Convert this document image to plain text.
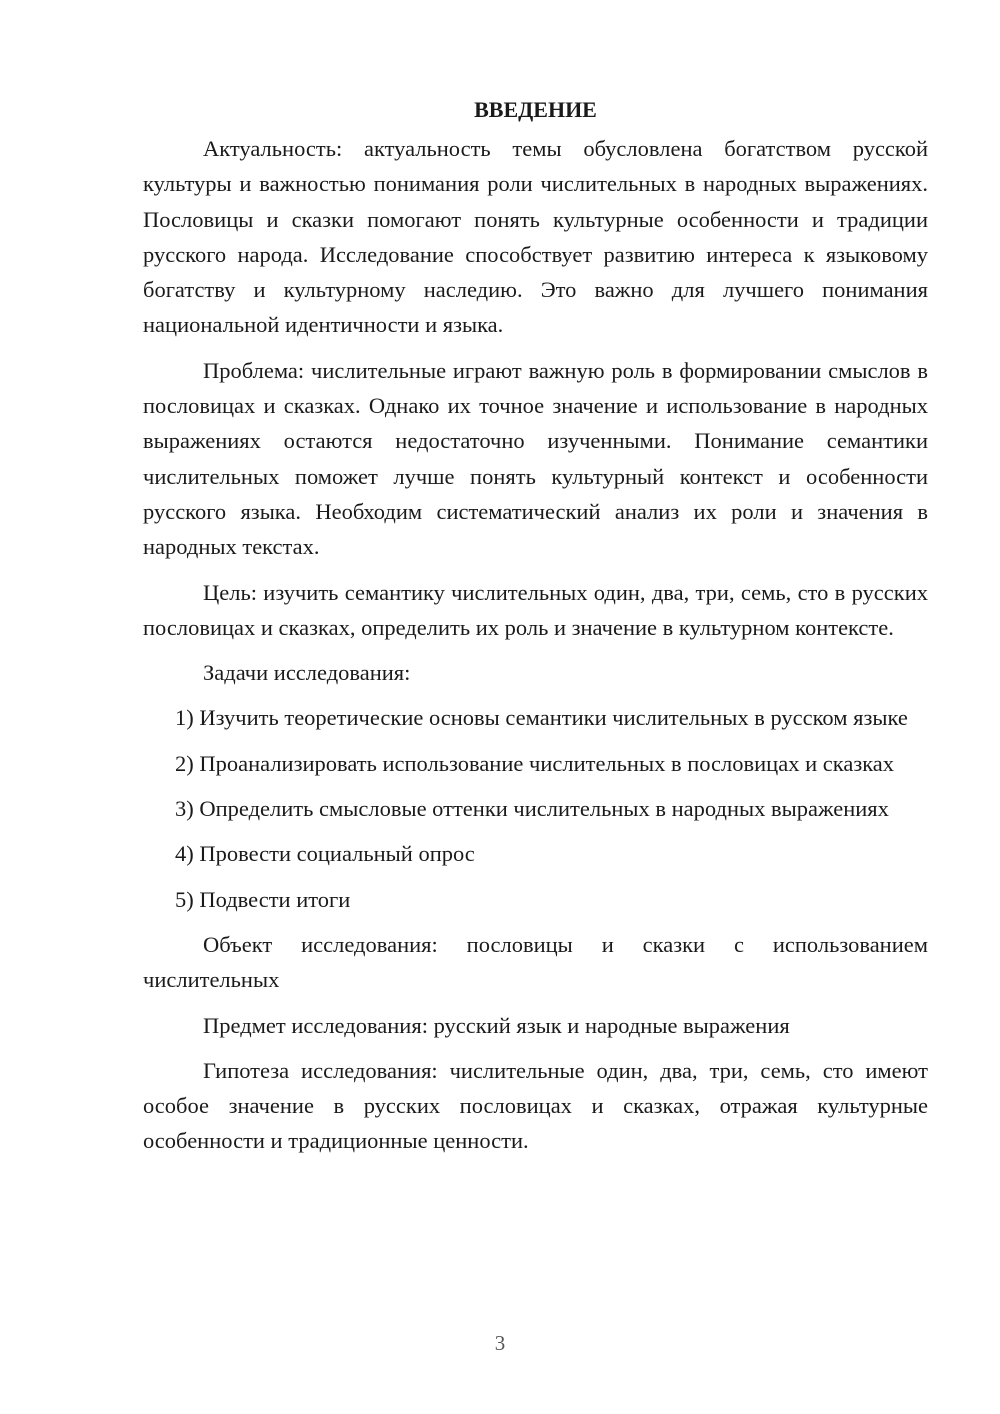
ВВЕДЕНИЕ

Актуальность: актуальность темы обусловлена богатством русской культуры и важностью понимания роли числительных в народных выражениях. Пословицы и сказки помогают понять культурные особенности и традиции русского народа. Исследование способствует развитию интереса к языковому богатству и культурному наследию. Это важно для лучшего понимания национальной идентичности и языка.

Проблема: числительные играют важную роль в формировании смыслов в пословицах и сказках. Однако их точное значение и использование в народных выражениях остаются недостаточно изученными. Понимание семантики числительных поможет лучше понять культурный контекст и особенности русского языка. Необходим систематический анализ их роли и значения в народных текстах.

Цель: изучить семантику числительных один, два, три, семь, сто в русских пословицах и сказках, определить их роль и значение в культурном контексте.

Задачи исследования:

1) Изучить теоретические основы семантики числительных в русском языке

2) Проанализировать использование числительных в пословицах и сказках

3) Определить смысловые оттенки числительных в народных выражениях

4) Провести социальный опрос

5) Подвести итоги

Объект исследования: пословицы и сказки с использованием числительных

Предмет исследования: русский язык и народные выражения

Гипотеза исследования: числительные один, два, три, семь, сто имеют особое значение в русских пословицах и сказках, отражая культурные особенности и традиционные ценности.

3
